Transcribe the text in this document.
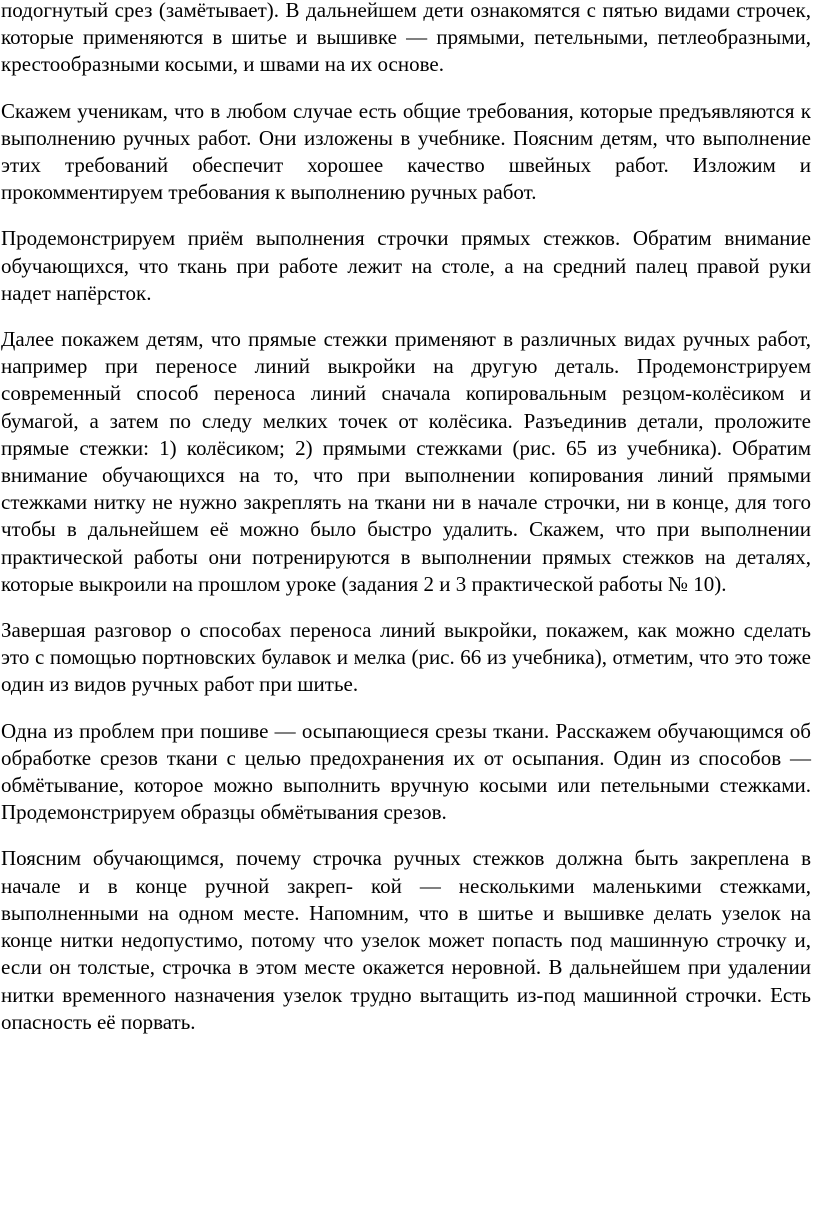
подогнутый срез (замётывает). В дальнейшем дети ознакомятся с пятью видами строчек, которые применяются в шитье и вышивке — прямыми, петельными, петлеобразными, крестообразными косыми, и швами на их основе.

Скажем ученикам, что в любом случае есть общие требования, которые предъявляются к выполнению ручных работ. Они изложены в учебнике. Поясним детям, что выполнение этих требований обеспечит хорошее качество швейных работ. Изложим и прокомментируем требования к выполнению ручных работ.

Продемонстрируем приём выполнения строчки прямых стежков. Обратим внимание обучающихся, что ткань при работе лежит на столе, а на средний палец правой руки надет напёрсток.

Далее покажем детям, что прямые стежки применяют в различных видах ручных работ, например при переносе линий выкройки на другую деталь. Продемонстрируем современный способ переноса линий сначала копировальным резцом-колёсиком и бумагой, а затем по следу мелких точек от колёсика. Разъединив детали, проложите прямые стежки: 1) колёсиком; 2) прямыми стежками (рис. 65 из учебника). Обратим внимание обучающихся на то, что при выполнении копирования линий прямыми стежками нитку не нужно закреплять на ткани ни в начале строчки, ни в конце, для того чтобы в дальнейшем её можно было быстро удалить. Скажем, что при выполнении практической работы они потренируются в выполнении прямых стежков на деталях, которые выкроили на прошлом уроке (задания 2 и 3 практической работы № 10).

Завершая разговор о способах переноса линий выкройки, покажем, как можно сделать это с помощью портновских булавок и мелка (рис. 66 из учебника), отметим, что это тоже один из видов ручных работ при шитье.

Одна из проблем при пошиве — осыпающиеся срезы ткани. Расскажем обучающимся об обработке срезов ткани с целью предохранения их от осыпания. Один из способов — обмётывание, которое можно выполнить вручную косыми или петельными стежками. Продемонстрируем образцы обмётывания срезов.

Поясним обучающимся, почему строчка ручных стежков должна быть закреплена в начале и в конце ручной закреп- кой — несколькими маленькими стежками, выполненными на одном месте. Напомним, что в шитье и вышивке делать узелок на конце нитки недопустимо, потому что узелок может попасть под машинную строчку и, если он толстые, строчка в этом месте окажется неровной. В дальнейшем при удалении нитки временного назначения узелок трудно вытащить из-под машинной строчки. Есть опасность её порвать.
